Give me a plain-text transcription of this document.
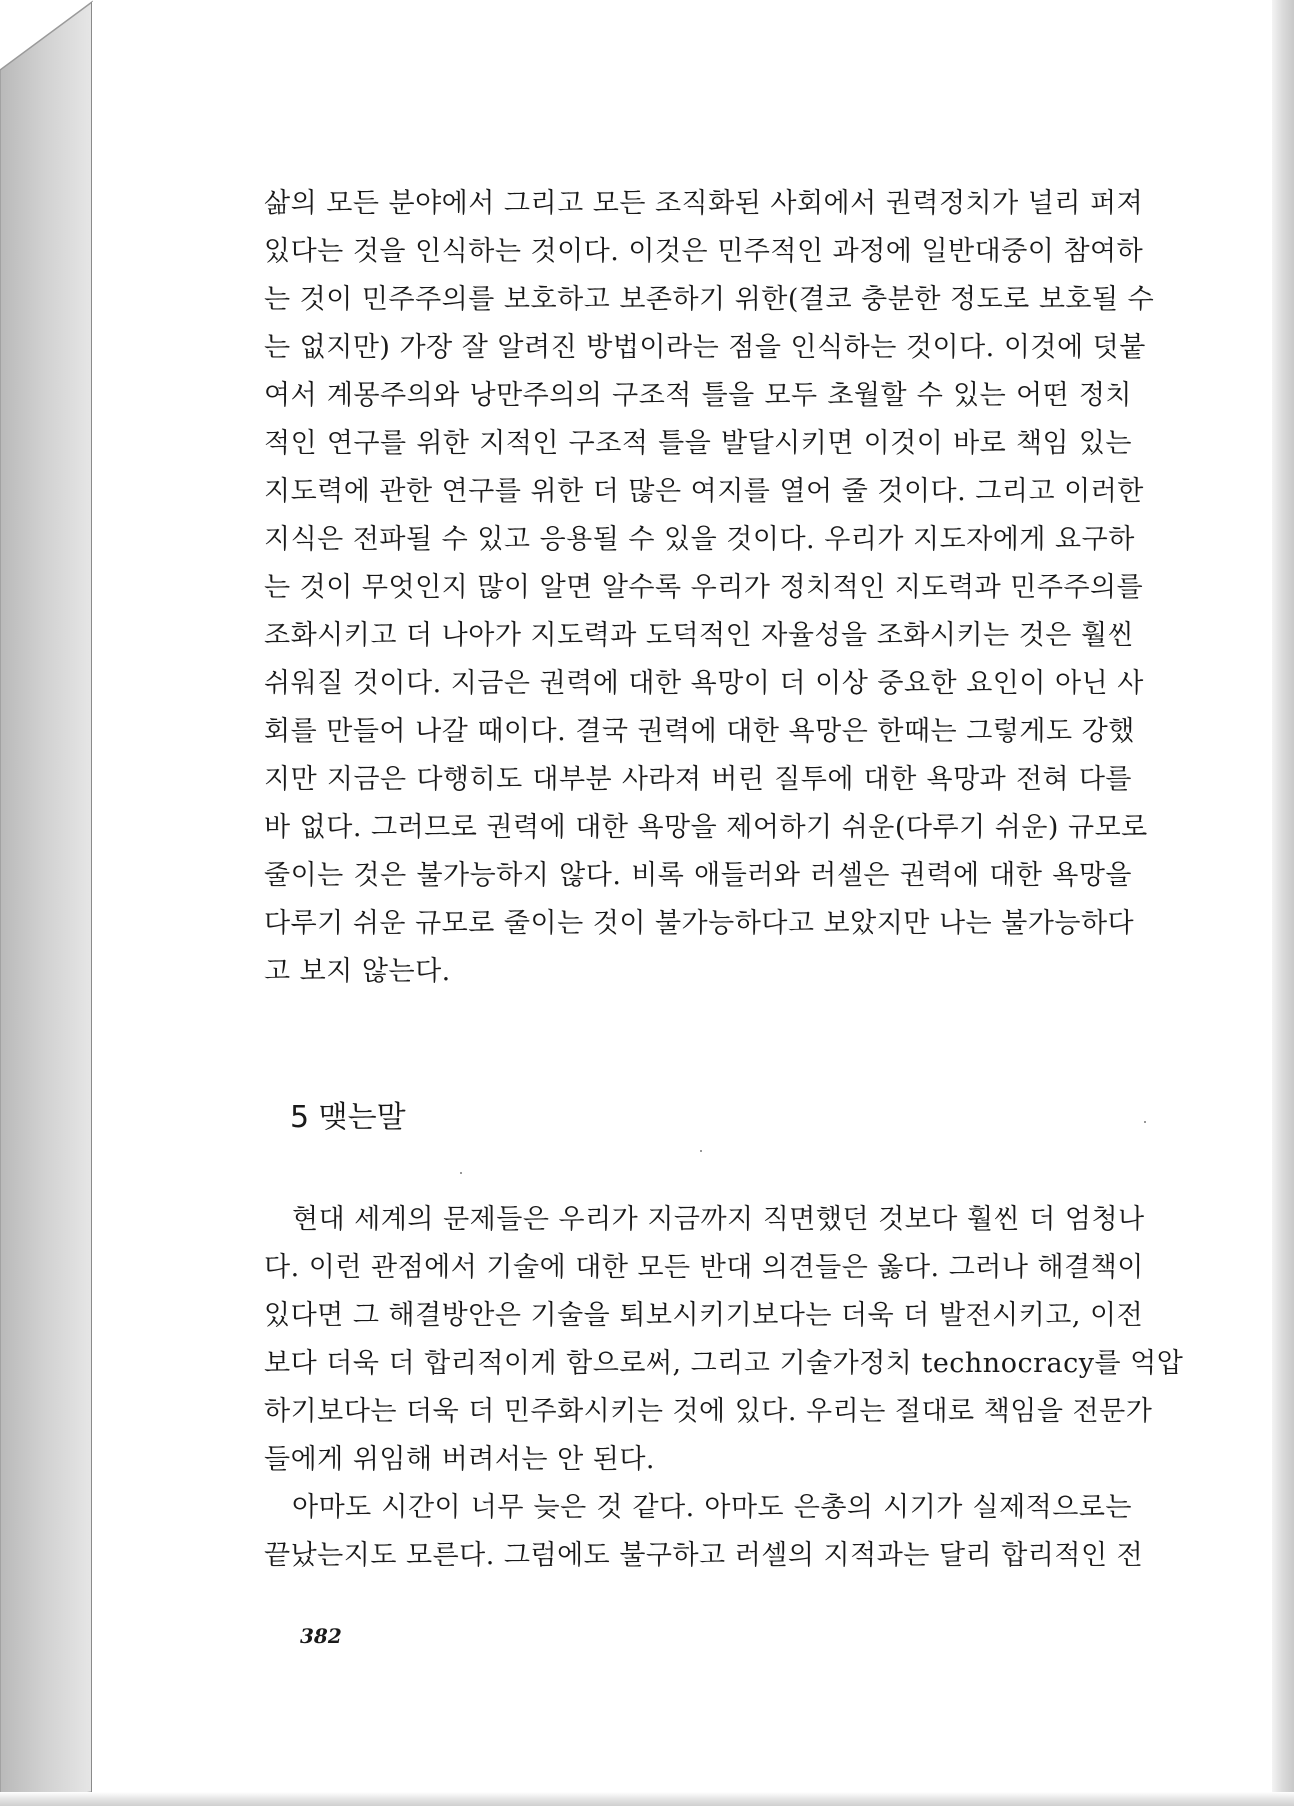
삶의 모든 분야에서 그리고 모든 조직화된 사회에서 권력정치가 널리 퍼져
있다는 것을 인식하는 것이다. 이것은 민주적인 과정에 일반대중이 참여하
는 것이 민주주의를 보호하고 보존하기 위한(결코 충분한 정도로 보호될 수
는 없지만) 가장 잘 알려진 방법이라는 점을 인식하는 것이다. 이것에 덧붙
여서 계몽주의와 낭만주의의 구조적 틀을 모두 초월할 수 있는 어떤 정치
적인 연구를 위한 지적인 구조적 틀을 발달시키면 이것이 바로 책임 있는
지도력에 관한 연구를 위한 더 많은 여지를 열어 줄 것이다. 그리고 이러한
지식은 전파될 수 있고 응용될 수 있을 것이다. 우리가 지도자에게 요구하
는 것이 무엇인지 많이 알면 알수록 우리가 정치적인 지도력과 민주주의를
조화시키고 더 나아가 지도력과 도덕적인 자율성을 조화시키는 것은 훨씬
쉬워질 것이다. 지금은 권력에 대한 욕망이 더 이상 중요한 요인이 아닌 사
회를 만들어 나갈 때이다. 결국 권력에 대한 욕망은 한때는 그렇게도 강했
지만 지금은 다행히도 대부분 사라져 버린 질투에 대한 욕망과 전혀 다를
바 없다. 그러므로 권력에 대한 욕망을 제어하기 쉬운(다루기 쉬운) 규모로
줄이는 것은 불가능하지 않다. 비록 애들러와 러셀은 권력에 대한 욕망을
다루기 쉬운 규모로 줄이는 것이 불가능하다고 보았지만 나는 불가능하다
고 보지 않는다.
5 맺는말
현대 세계의 문제들은 우리가 지금까지 직면했던 것보다 훨씬 더 엄청나
다. 이런 관점에서 기술에 대한 모든 반대 의견들은 옳다. 그러나 해결책이
있다면 그 해결방안은 기술을 퇴보시키기보다는 더욱 더 발전시키고, 이전
보다 더욱 더 합리적이게 함으로써, 그리고 기술가정치 technocracy를 억압
하기보다는 더욱 더 민주화시키는 것에 있다. 우리는 절대로 책임을 전문가
들에게 위임해 버려서는 안 된다.
아마도 시간이 너무 늦은 것 같다. 아마도 은총의 시기가 실제적으로는
끝났는지도 모른다. 그럼에도 불구하고 러셀의 지적과는 달리 합리적인 전

382
